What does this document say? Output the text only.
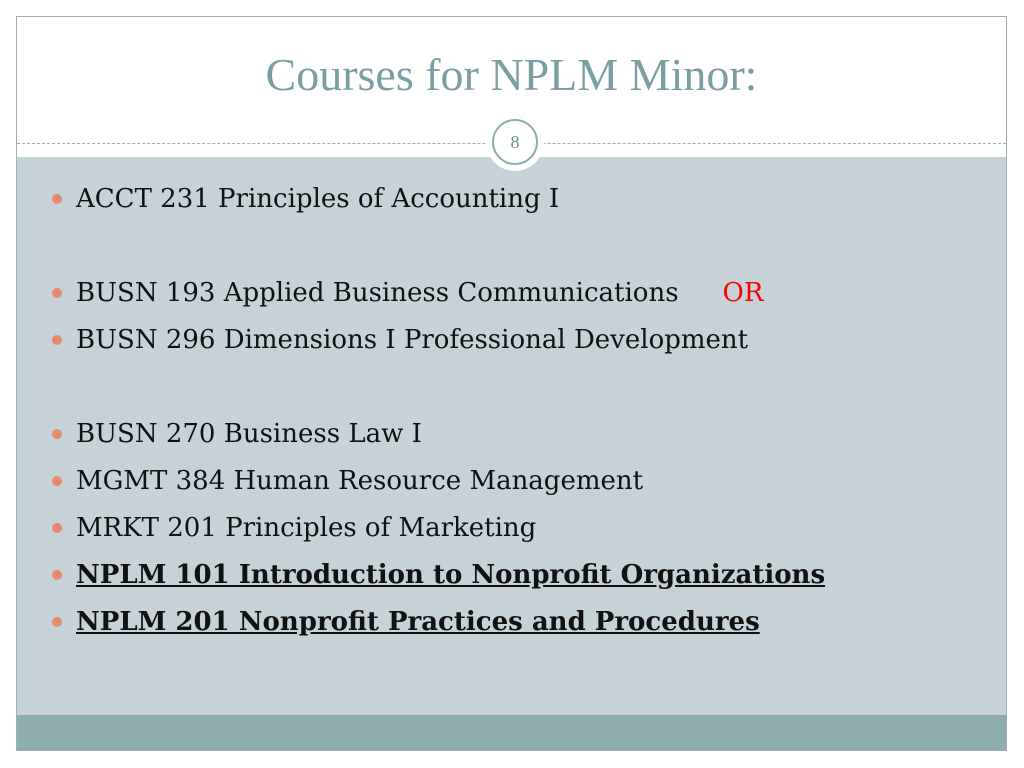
Courses for NPLM Minor:
8
ACCT 231 Principles of Accounting I
BUSN 193 Applied Business Communications OR
BUSN 296 Dimensions I Professional Development
BUSN 270 Business Law I
MGMT 384 Human Resource Management
MRKT 201 Principles of Marketing
NPLM 101 Introduction to Nonprofit Organizations
NPLM 201 Nonprofit Practices and Procedures
